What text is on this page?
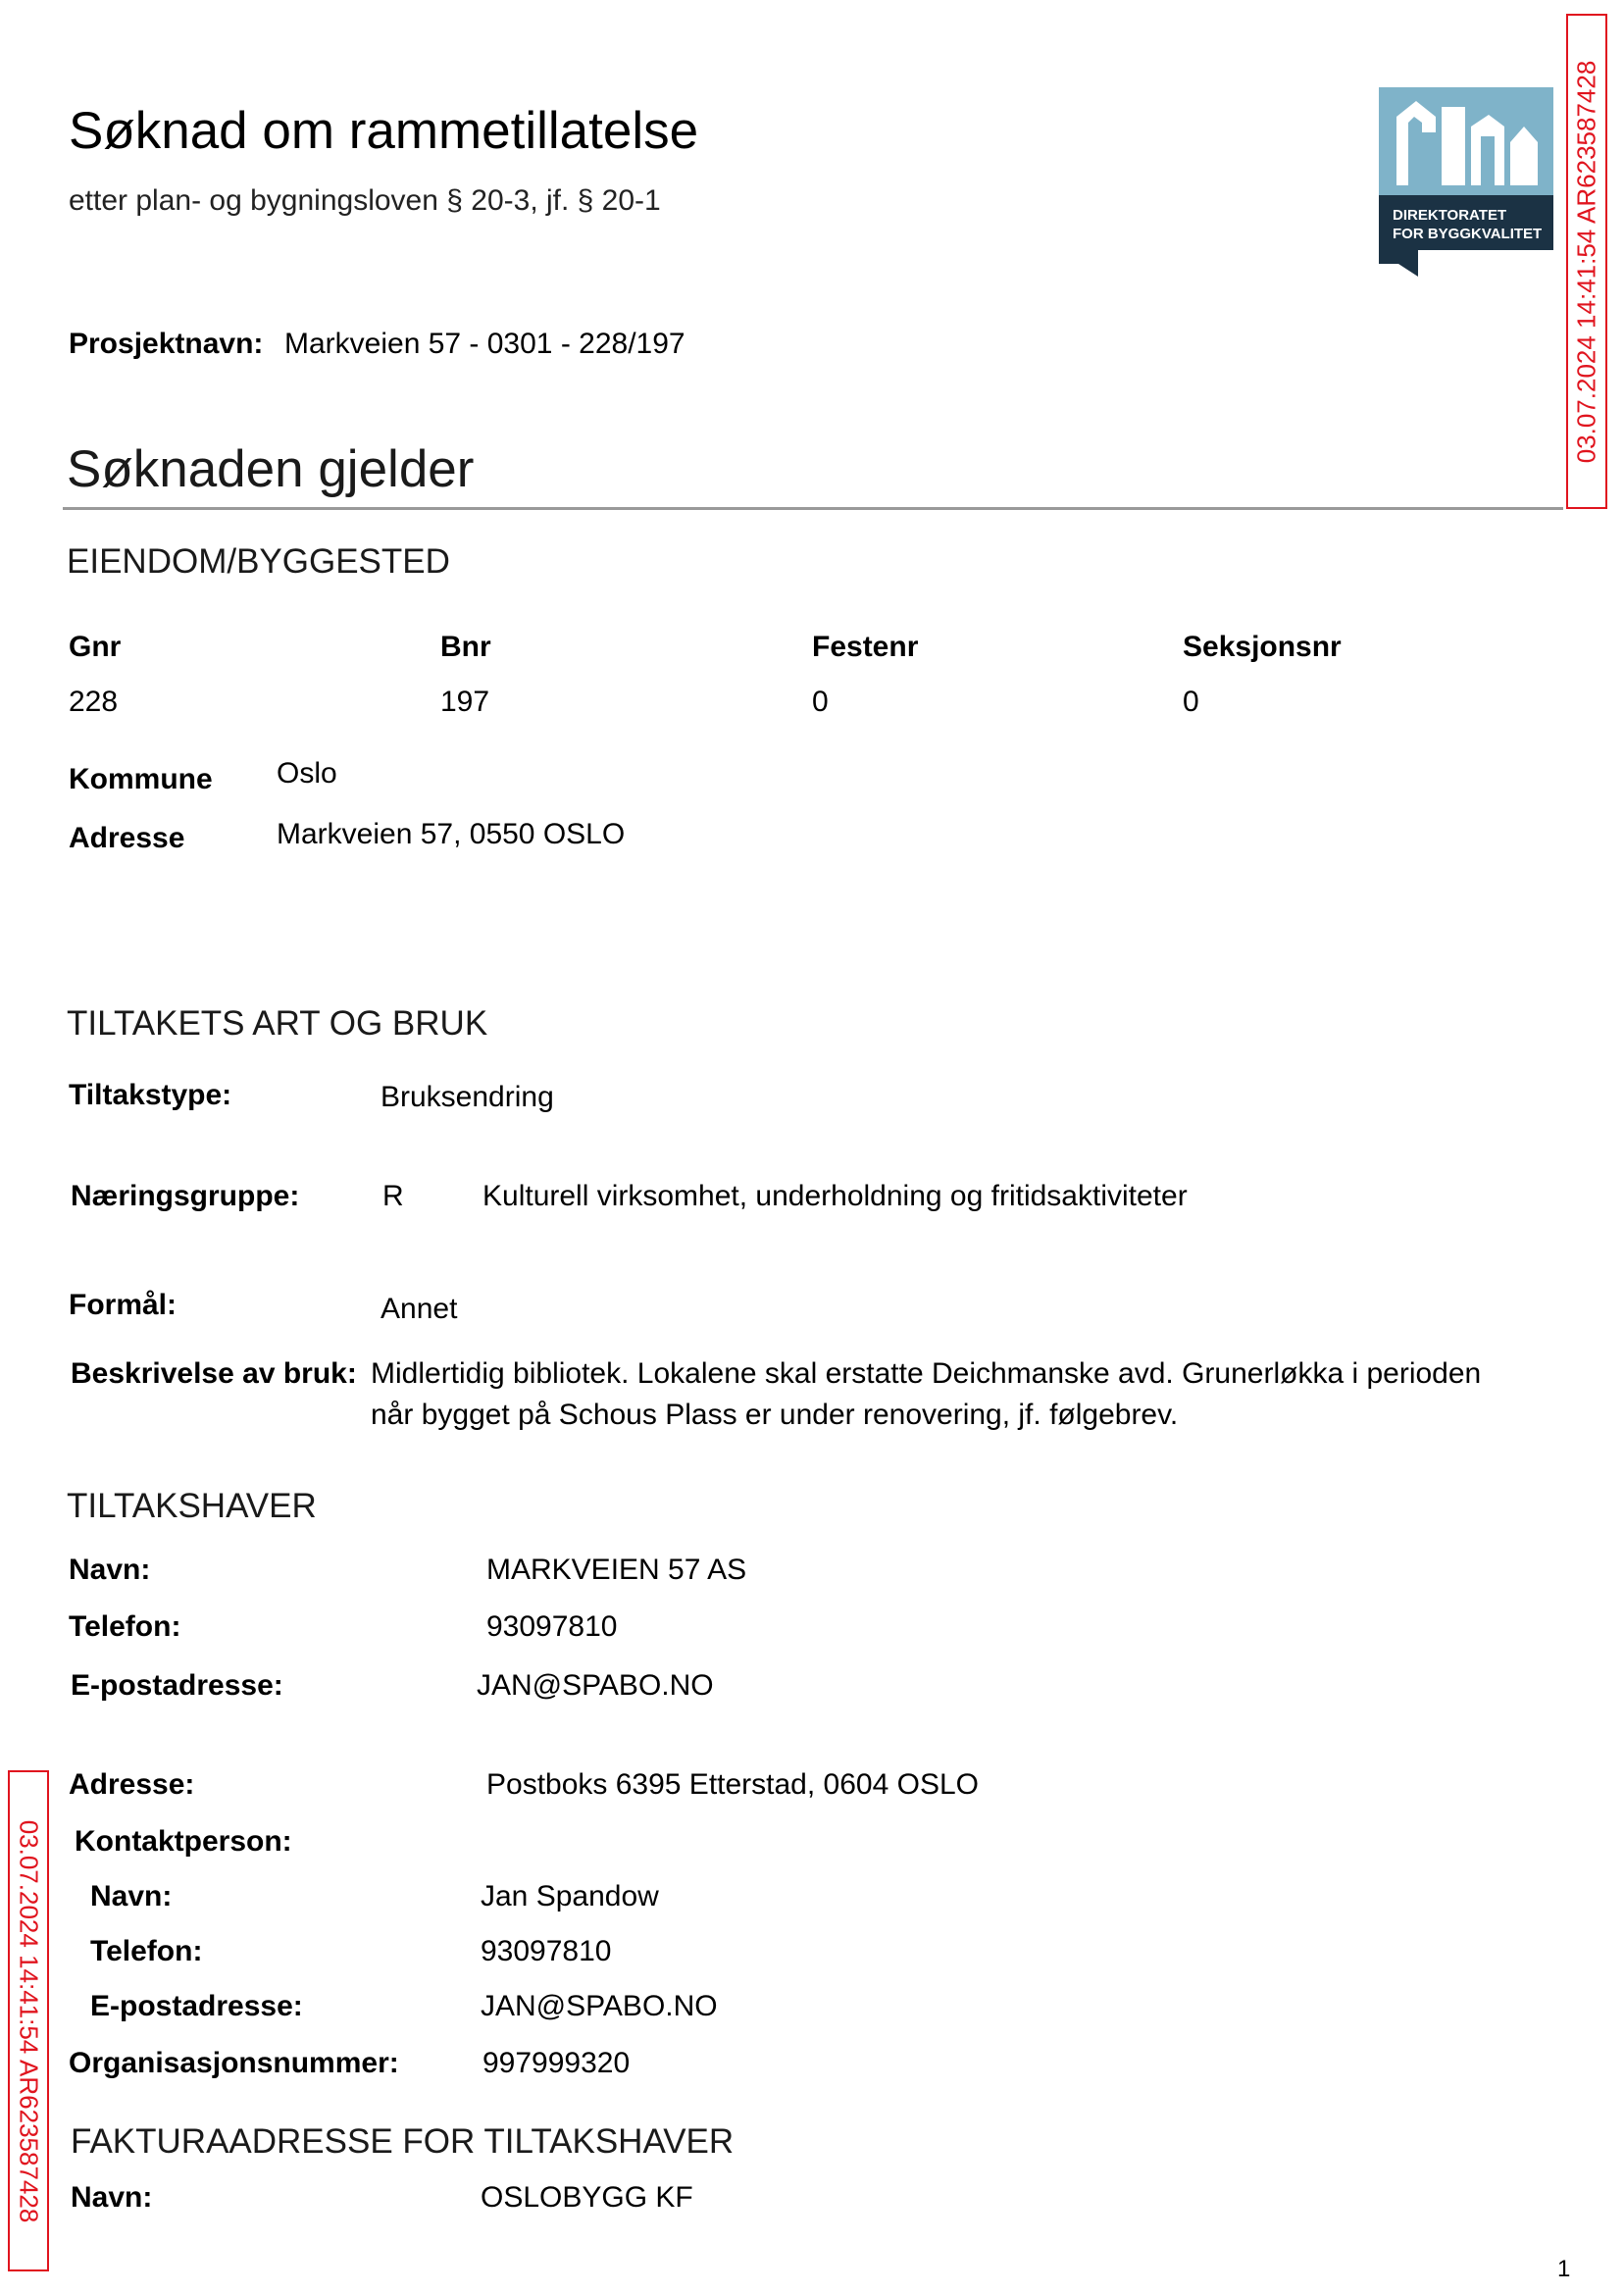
Søknad om rammetillatelse
etter plan- og bygningsloven § 20-3, jf. § 20-1	DIREKTORATET
FOR BYGGKVALITET 03.07.2024 14:41:54 AR623587428
03.07.2024 14:41:54 AR623587428
Prosjektnavn: Markveien 57 - 0301 - 228/197
Søknaden gjelder
EIENDOM/BYGGESTED
Gnr	Bnr	Festenr	Seksjonsnr
228	197	0	0
Kommune Oslo
Adresse	Markveien 57, 0550 OSLO
TILTAKETS ART OG BRUK
Tiltakstype:	Bruksendring
Næringsgruppe:	R	Kulturell virksomhet, underholdning og fritidsaktiviteter
Formål:	Annet
Beskrivelse av bruk: Midlertidig bibliotek. Lokalene skal erstatte Deichmanske avd. Grunerløkka i perioden
når bygget på Schous Plass er under renovering, jf. følgebrev.
TILTAKSHAVER
Navn:	MARKVEIEN 57 AS
Telefon:	93097810
E-postadresse:	JAN@SPABO.NO
Adresse:	Postboks 6395 Etterstad, 0604 OSLO
Kontaktperson:
Navn:	Jan Spandow
Telefon:	93097810
E-postadresse:	JAN@SPABO.NO
Organisasjonsnummer:	997999320
FAKTURAADRESSE FOR TILTAKSHAVER
Navn:	OSLOBYGG KF
1
